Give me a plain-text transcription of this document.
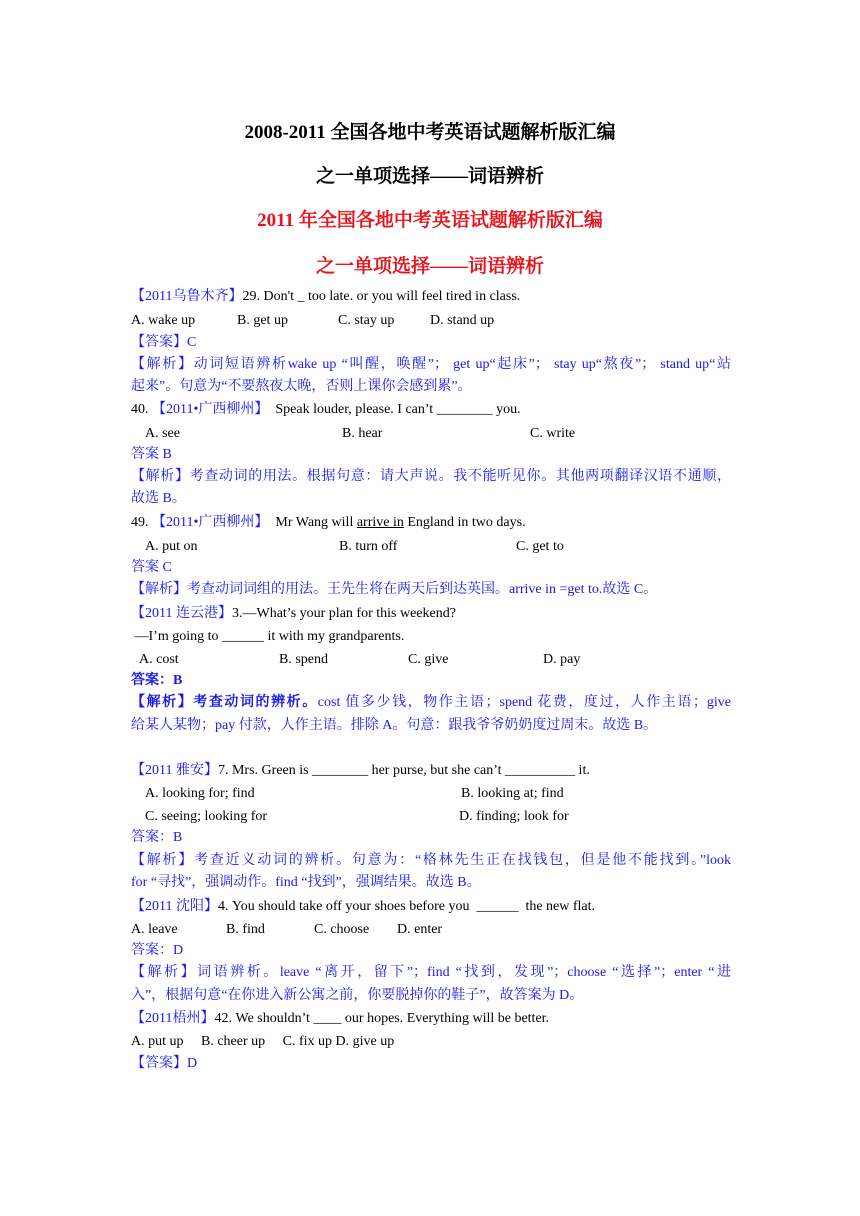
2008-2011 全国各地中考英语试题解析版汇编
之一单项选择——词语辨析
2011 年全国各地中考英语试题解析版汇编
之一单项选择——词语辨析
【2011乌鲁木齐】29. Don't _ too late. or you will feel tired in class.
A. wake up	B. get up	C. stay up	D. stand up
【答案】C
【解析】动词短语辨析wake up “叫醒，唤醒”； get up“起床”； stay up“熬夜”； stand up“站
起来”。句意为“不要熬夜太晚，否则上课你会感到累”。
40. 【2011•广西柳州】 Speak louder, please. I can’t ________ you.
A. see	B. hear	C. write
答案 B
【解析】考查动词的用法。根据句意：请大声说。我不能听见你。其他两项翻译汉语不通顺，
故选 B。
49. 【2011•广西柳州】 Mr Wang will arrive in England in two days.
A. put on	B. turn off	C. get to
答案 C
【解析】考查动词词组的用法。王先生将在两天后到达英国。arrive in =get to.故选 C。
【2011 连云港】3.—What’s your plan for this weekend?
—I’m going to ______ it with my grandparents.
A. cost	B. spend	C. give	D. pay
答案：B
【解析】考查动词的辨析。cost 值多少钱，物作主语；spend 花费，度过，人作主语；give
给某人某物；pay 付款，人作主语。排除 A。句意：跟我爷爷奶奶度过周末。故选 B。
【2011 雅安】7. Mrs. Green is ________ her purse, but she can’t __________ it.
A. looking for; find	B. looking at; find
C. seeing; looking for	D. finding; look for
答案：B
【解析】考查近义动词的辨析。句意为：“格林先生正在找钱包，但是他不能找到。”look
for “寻找”，强调动作。find “找到”，强调结果。故选 B。
【2011 沈阳】4. You should take off your shoes before you  ______  the new flat.
A. leave	B. find	C. choose D. enter
答案：D
【解析】词语辨析。leave “离开，留下”；find “找到，发现”；choose “选择”；enter “进
入”，根据句意“在你进入新公寓之前，你要脱掉你的鞋子”，故答案为 D。
【2011梧州】42. We shouldn’t ____ our hopes. Everything will be better.
A. put up     B. cheer up     C. fix up D. give up
【答案】D
